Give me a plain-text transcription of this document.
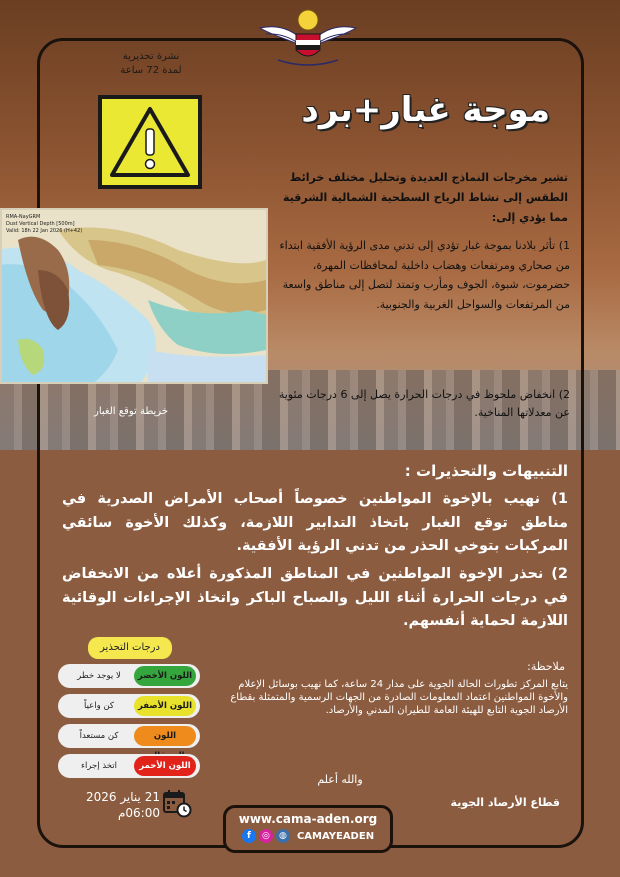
نشرة تحذيرية لمدة 72 ساعة
موجة غبار+برد
تشير مخرجات النماذج العديدة وتحليل مختلف خرائط الطقس إلى نشاط الرياح السطحية الشمالية الشرقية مما يؤدي إلى:
1) تأثر بلادنا بموجة غبار تؤدي إلى تدني مدى الرؤية الأفقية ابتداء من صحاري ومرتفعات وهضاب داخلية لمحافظات المهرة، حضرموت، شبوة، الجوف ومأرب وتمتد لتصل إلى مناطق واسعة من المرتفعات والسواحل الغربية والجنوبية.
2) انخفاض ملحوظ في درجات الحرارة يصل إلى 6 درجات مئوية عن معدلاتها المناخية.
RMA-NayGRM
Dust Vertical Depth [500m]
Valid: 18h 22 Jan 2026 (H+42)
خريطة توقع الغبار
التنبيهات والتحذيرات :
1) نهيب بالإخوة المواطنين خصوصاً أصحاب الأمراض الصدرية في مناطق توقع الغبار باتخاذ التدابير اللازمة، وكذلك الأخوة سائقي المركبات بتوخي الحذر من تدني الرؤية الأفقية.
2) نحذر الإخوة المواطنين في المناطق المذكورة أعلاه من الانخفاض في درجات الحرارة أثناء الليل والصباح الباكر واتخاذ الإجراءات الوقائية اللازمة لحماية أنفسهم.
درجات التحذير
اللون الأخضر
لا يوجد خطر
اللون الأصفر
كن واعياً
اللون
كن مستعداً
اللون الأحمر
اتخذ إجراء
ملاحظة:
يتابع المركز تطورات الحالة الجوية على مدار 24 ساعة، كما نهيب بوسائل الإعلام والأخوة المواطنين اعتماد المعلومات الصادرة من الجهات الرسمية والمتمثلة بقطاع الأرصاد الجوية التابع للهيئة العامة للطيران المدني والأرصاد.
والله أعلم
قطاع الأرصاد الجوية
21 يناير 2026
06:00م	www.cama-aden.org
f	◎	◍	CAMAYEADEN
